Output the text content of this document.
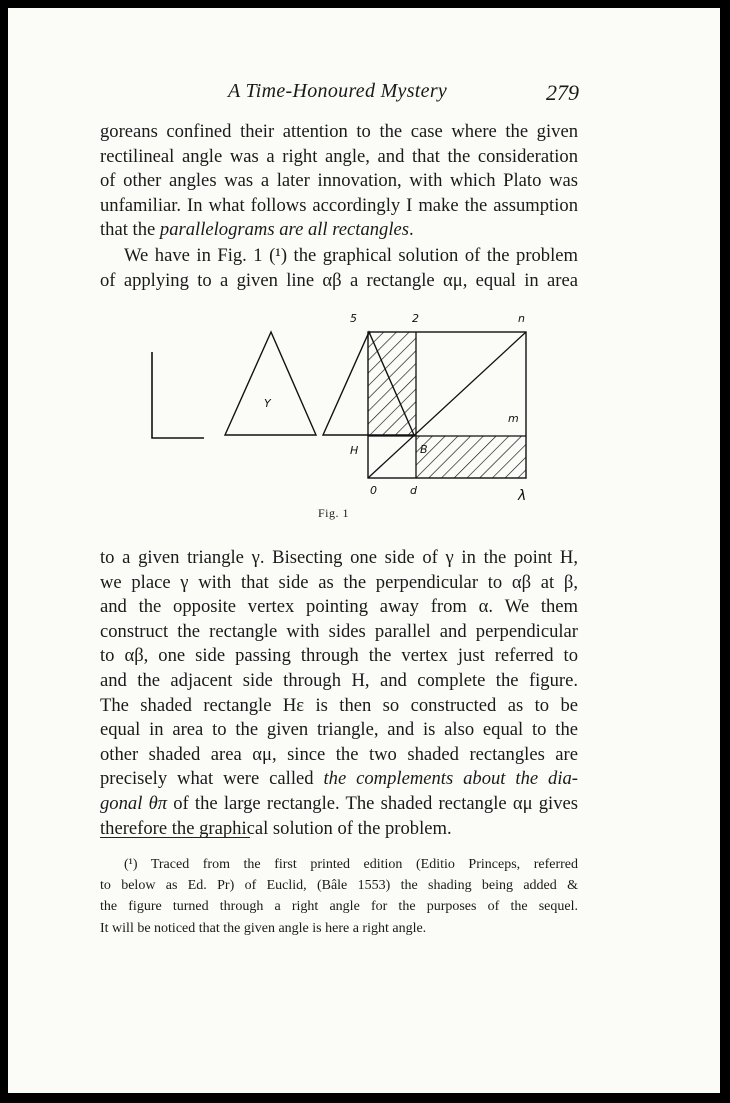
A Time-Honoured Mystery	279
goreans confined their attention to the case where the given
rectilineal angle was a right angle, and that the consideration
of other angles was a later innovation, with which Plato was
unfamiliar. In what follows accordingly I make the assumption
that the parallelograms are all rectangles.
We have in Fig. 1 (¹) the graphical solution of the problem
of applying to a given line αβ a rectangle αμ, equal in area
Y
5	2	n
m
H	B
0	d	λ
Fig. 1
to a given triangle γ. Bisecting one side of γ in the point H,
we place γ with that side as the perpendicular to αβ at β,
and the opposite vertex pointing away from α. We them
construct the rectangle with sides parallel and perpendicular
to αβ, one side passing through the vertex just referred to
and the adjacent side through H, and complete the figure.
The shaded rectangle Hε is then so constructed as to be
equal in area to the given triangle, and is also equal to the
other shaded area αμ, since the two shaded rectangles are
precisely what were called the complements about the dia-
gonal θπ of the large rectangle. The shaded rectangle αμ gives
therefore the graphical solution of the problem.
(¹) Traced from the first printed edition (Editio Princeps, referred
to below as Ed. Pr) of Euclid, (Bâle 1553) the shading being added &
the figure turned through a right angle for the purposes of the sequel.
It will be noticed that the given angle is here a right angle.
